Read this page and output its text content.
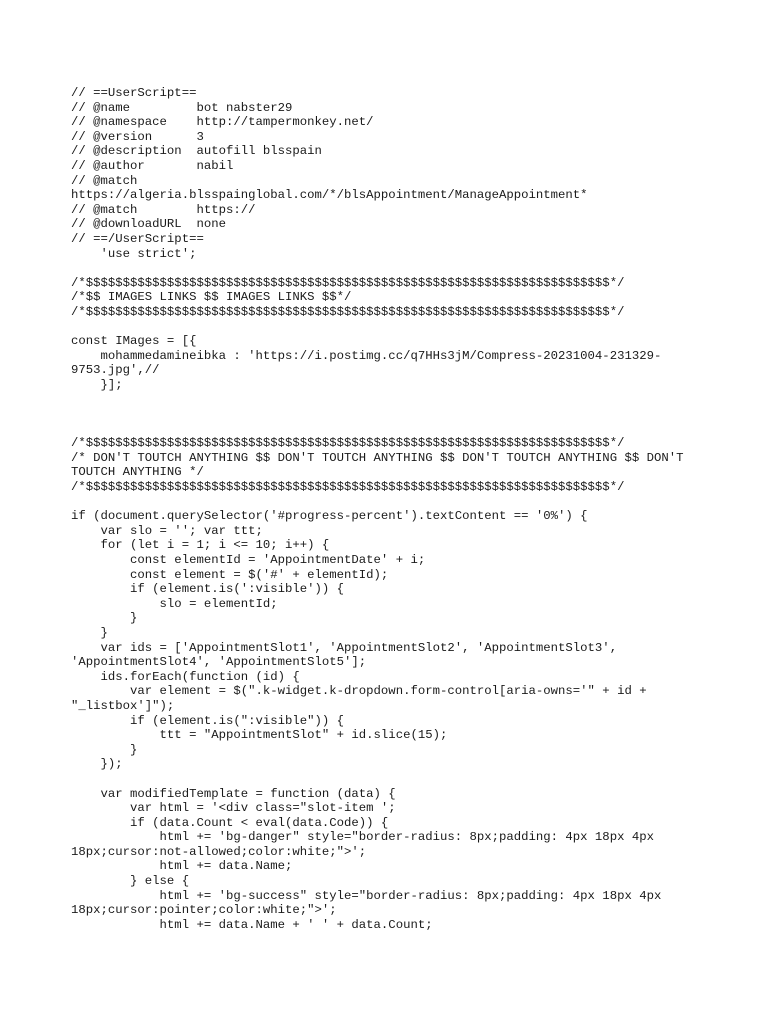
// ==UserScript==
// @name         bot nabster29
// @namespace    http://tampermonkey.net/
// @version      3
// @description  autofill blsspain
// @author       nabil
// @match
https://algeria.blsspainglobal.com/*/blsAppointment/ManageAppointment*
// @match        https://
// @downloadURL  none
// ==/UserScript==
'use strict';
/*$$$$$$$$$$$$$$$$$$$$$$$$$$$$$$$$$$$$$$$$$$$$$$$$$$$$$$$$$$$$$$$$$$$$$$$*/
/*$$ IMAGES LINKS $$ IMAGES LINKS $$*/
/*$$$$$$$$$$$$$$$$$$$$$$$$$$$$$$$$$$$$$$$$$$$$$$$$$$$$$$$$$$$$$$$$$$$$$$$*/
const IMages = [{
mohammedamineibka : 'https://i.postimg.cc/q7HHs3jM/Compress-20231004-231329-
9753.jpg',//
}];
/*$$$$$$$$$$$$$$$$$$$$$$$$$$$$$$$$$$$$$$$$$$$$$$$$$$$$$$$$$$$$$$$$$$$$$$$*/
/* DON'T TOUTCH ANYTHING $$ DON'T TOUTCH ANYTHING $$ DON'T TOUTCH ANYTHING $$ DON'T
TOUTCH ANYTHING */
/*$$$$$$$$$$$$$$$$$$$$$$$$$$$$$$$$$$$$$$$$$$$$$$$$$$$$$$$$$$$$$$$$$$$$$$$*/
if (document.querySelector('#progress-percent').textContent == '0%') {
var slo = ''; var ttt;
for (let i = 1; i <= 10; i++) {
const elementId = 'AppointmentDate' + i;
const element = $('#' + elementId);
if (element.is(':visible')) {
slo = elementId;
}
}
var ids = ['AppointmentSlot1', 'AppointmentSlot2', 'AppointmentSlot3',
'AppointmentSlot4', 'AppointmentSlot5'];
ids.forEach(function (id) {
var element = $(".k-widget.k-dropdown.form-control[aria-owns='" + id +
"_listbox']");
if (element.is(":visible")) {
ttt = "AppointmentSlot" + id.slice(15);
}
});
var modifiedTemplate = function (data) {
var html = '<div class="slot-item ';
if (data.Count < eval(data.Code)) {
html += 'bg-danger" style="border-radius: 8px;padding: 4px 18px 4px
18px;cursor:not-allowed;color:white;">';
html += data.Name;
} else {
html += 'bg-success" style="border-radius: 8px;padding: 4px 18px 4px
18px;cursor:pointer;color:white;">';
html += data.Name + ' ' + data.Count;
